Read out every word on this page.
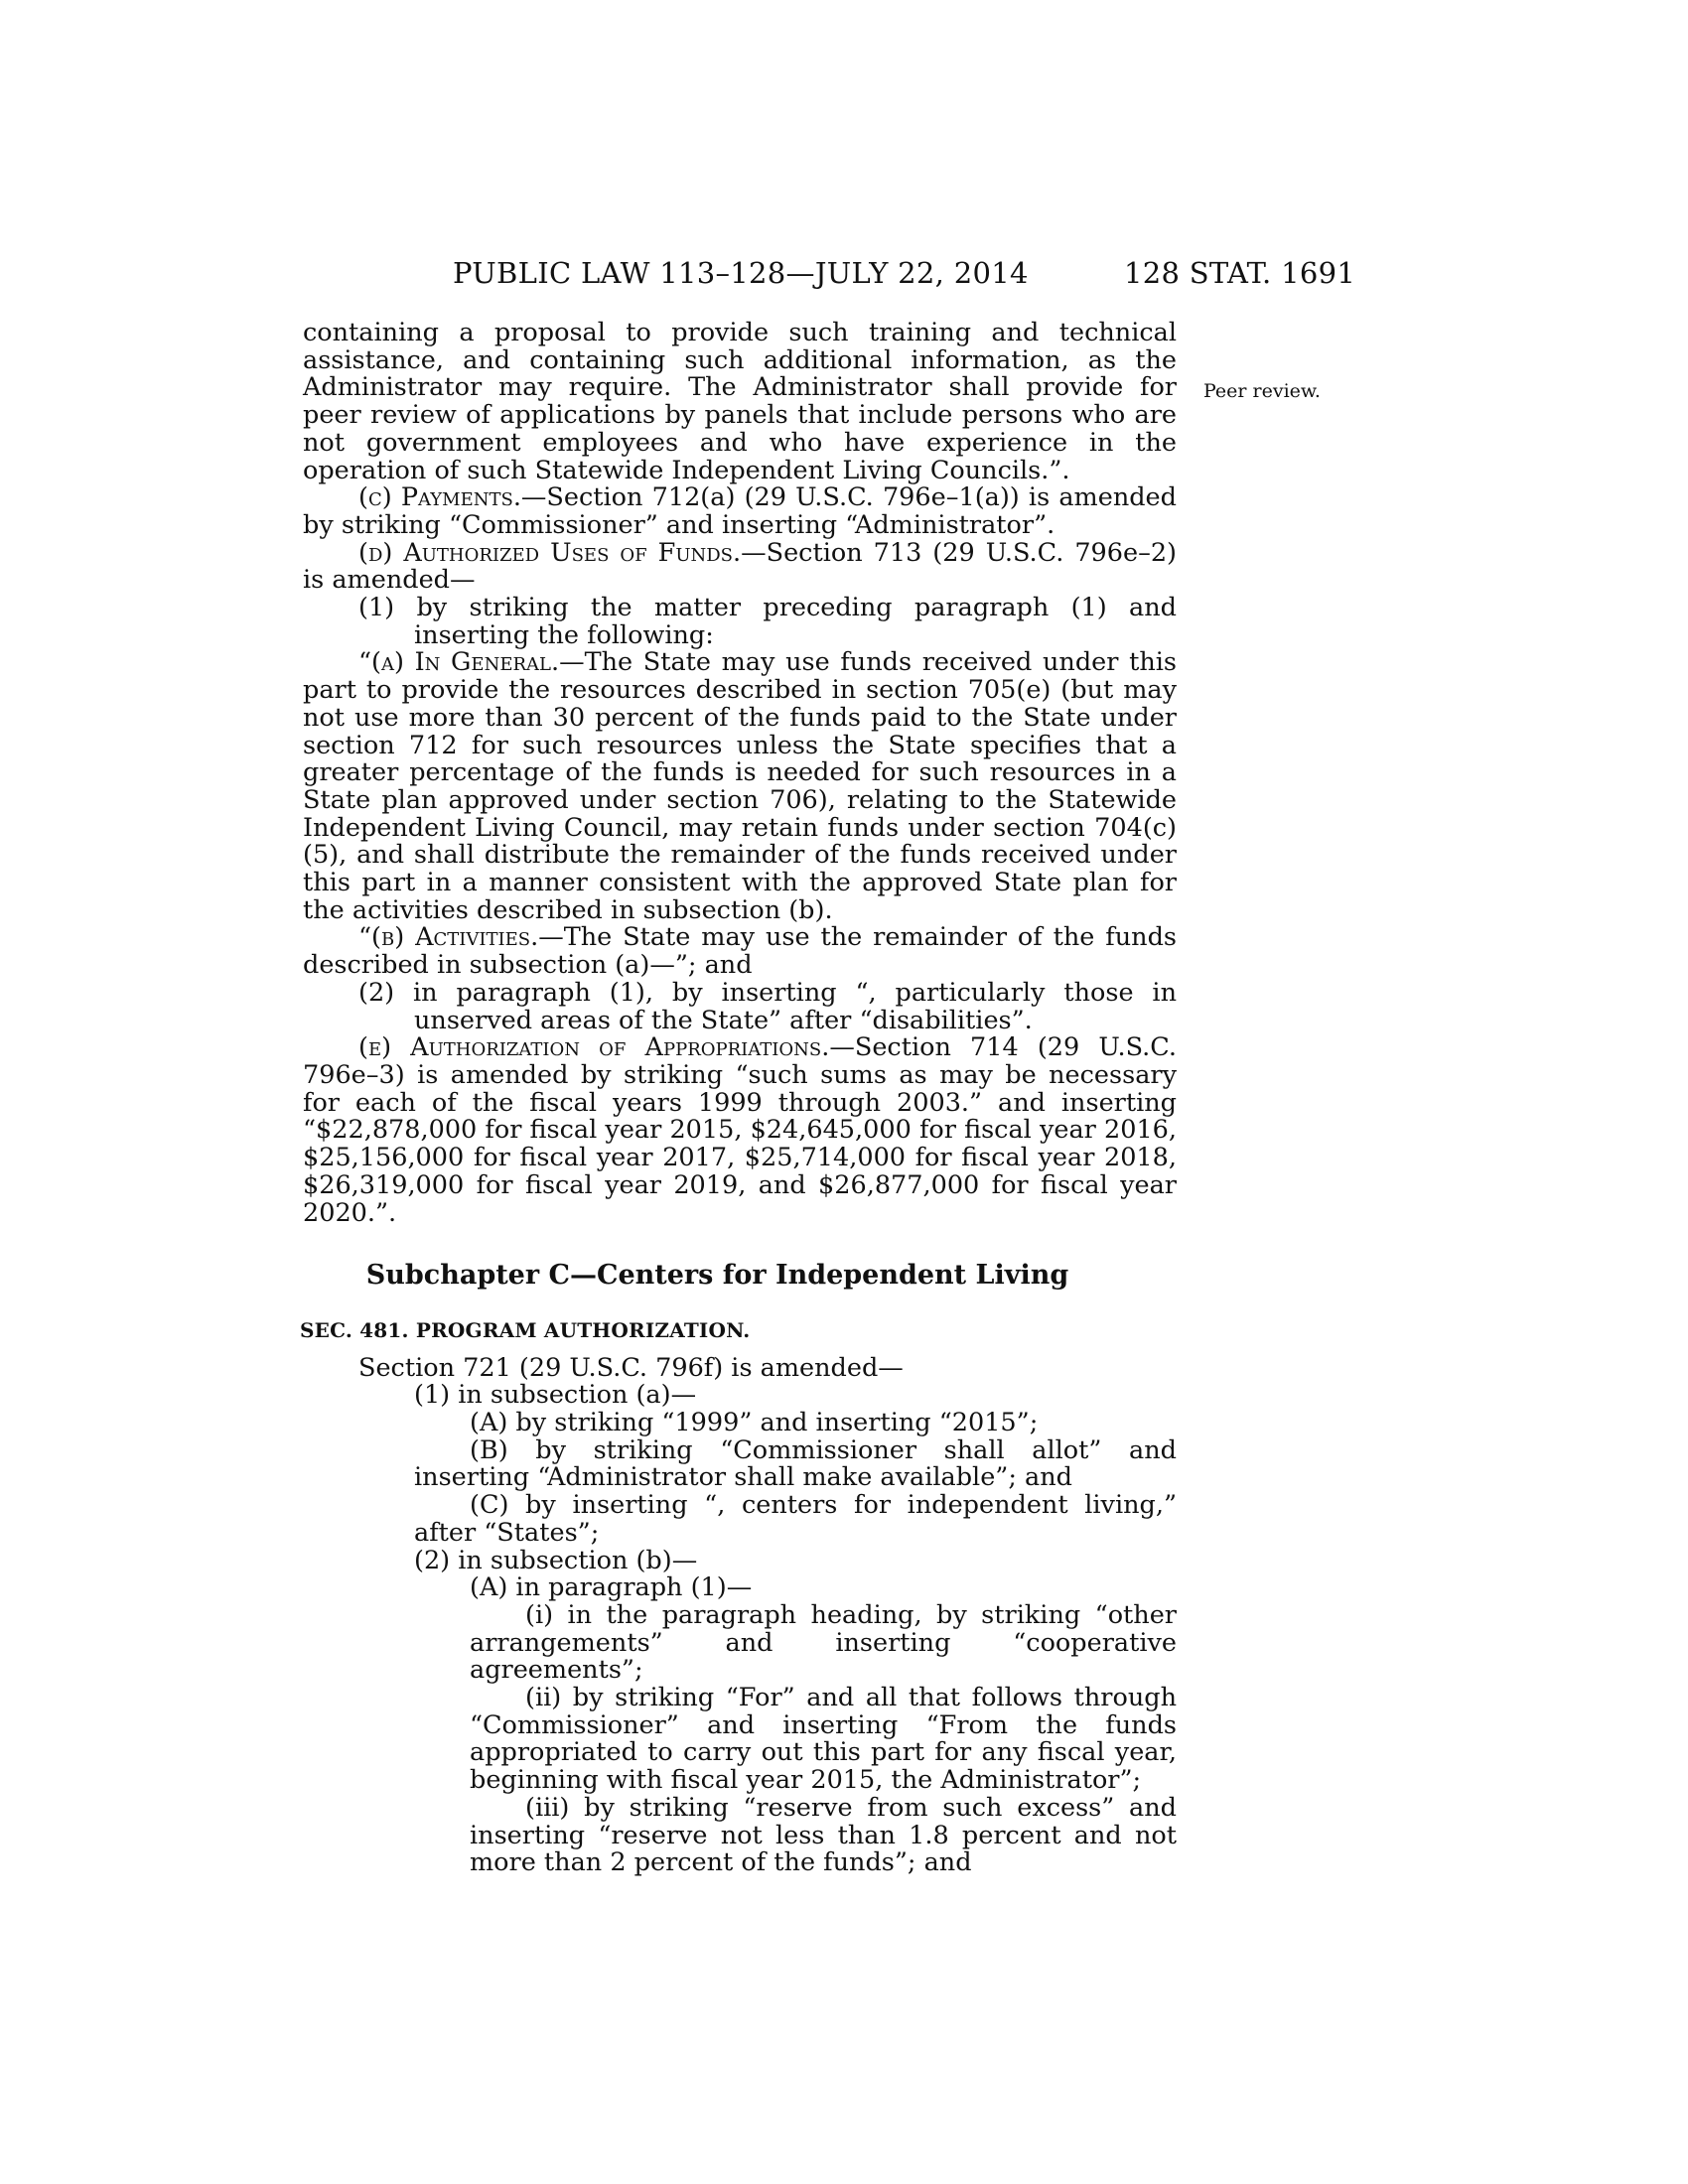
PUBLIC LAW 113–128—JULY 22, 2014	128 STAT. 1691
Peer review.

containing a proposal to provide such training and technical assistance, and containing such additional information, as the Administrator may require. The Administrator shall provide for peer review of applications by panels that include persons who are not government employees and who have experience in the operation of such Statewide Independent Living Councils.”.

(c) Payments.—Section 712(a) (29 U.S.C. 796e–1(a)) is amended by striking “Commissioner” and inserting “Administrator”.

(d) Authorized Uses of Funds.—Section 713 (29 U.S.C. 796e–2) is amended—

(1) by striking the matter preceding paragraph (1) and inserting the following:

“(a) In General.—The State may use funds received under this part to provide the resources described in section 705(e) (but may not use more than 30 percent of the funds paid to the State under section 712 for such resources unless the State specifies that a greater percentage of the funds is needed for such resources in a State plan approved under section 706), relating to the Statewide Independent Living Council, may retain funds under section 704(c)(5), and shall distribute the remainder of the funds received under this part in a manner consistent with the approved State plan for the activities described in subsection (b).

“(b) Activities.—The State may use the remainder of the funds described in subsection (a)—”; and

(2) in paragraph (1), by inserting “, particularly those in unserved areas of the State” after “disabilities”.

(e) Authorization of Appropriations.—Section 714 (29 U.S.C. 796e–3) is amended by striking “such sums as may be necessary for each of the fiscal years 1999 through 2003.” and inserting “$22,878,000 for fiscal year 2015, $24,645,000 for fiscal year 2016, $25,156,000 for fiscal year 2017, $25,714,000 for fiscal year 2018, $26,319,000 for fiscal year 2019, and $26,877,000 for fiscal year 2020.”.

Subchapter C—Centers for Independent Living
SEC. 481. PROGRAM AUTHORIZATION.

Section 721 (29 U.S.C. 796f) is amended—

(1) in subsection (a)—

(A) by striking “1999” and inserting “2015”;

(B) by striking “Commissioner shall allot” and inserting “Administrator shall make available”; and

(C) by inserting “, centers for independent living,” after “States”;

(2) in subsection (b)—

(A) in paragraph (1)—

(i) in the paragraph heading, by striking “other arrangements” and inserting “cooperative agreements”;

(ii) by striking “For” and all that follows through “Commissioner” and inserting “From the funds appropriated to carry out this part for any fiscal year, beginning with fiscal year 2015, the Administrator”;

(iii) by striking “reserve from such excess” and inserting “reserve not less than 1.8 percent and not more than 2 percent of the funds”; and
